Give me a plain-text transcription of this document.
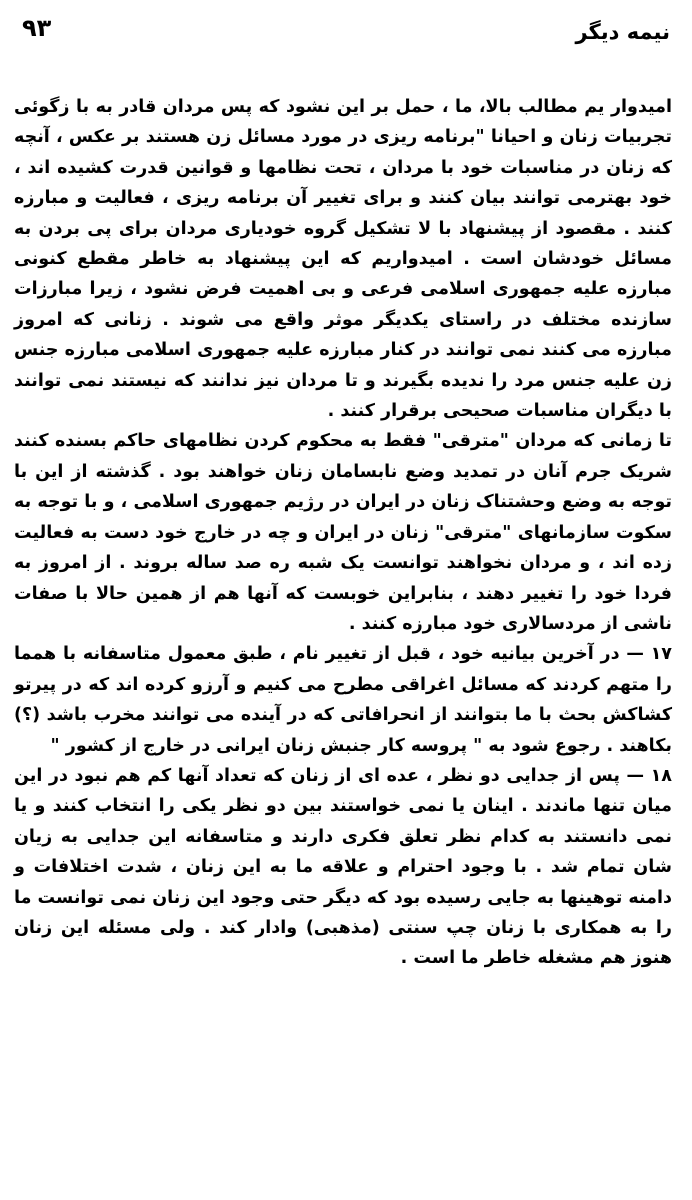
نیمه دیگر
۹۳

امیدوار یم مطالب بالا، ما ، حمل بر این نشود که پس مردان قادر به با زگوئی تجربیات زنان و احیانا "برنامه ریزی در مورد مسائل زن هستند بر عکس ، آنچه که زنان در مناسبات خود با مردان ، تحت نظامها و قوانین قدرت کشیده اند ، خود بهترمی توانند بیان کنند و برای تغییر آن برنامه ریزی ، فعالیت و مبارزه کنند . مقصود از پیشنهاد با لا تشکیل گروه خودیاری مردان برای پی بردن به مسائل خودشان است . امیدواریم که این پیشنهاد به خاطر مقطع کنونی مبارزه علیه جمهوری اسلامی فرعی و بی اهمیت فرض نشود ، زیرا مبارزات سازنده مختلف در راستای یکدیگر موثر واقع می شوند . زنانی که امروز مبارزه می کنند نمی توانند در کنار مبارزه علیه جمهوری اسلامی مبارزه جنس زن علیه جنس مرد را ندیده بگیرند و تا مردان نیز ندانند که نیستند نمی توانند با دیگران مناسبات صحیحی برقرار کنند .

تا زمانی که مردان "مترقی" فقط به محکوم کردن نظامهای حاکم بسنده کنند شریک جرم آنان در تمدید وضع نابسامان زنان خواهند بود . گذشته از این با توجه به وضع وحشتناک زنان در ایران در رژیم جمهوری اسلامی ، و با توجه به سکوت سازمانهای "مترقی" زنان در ایران و چه در خارج خود دست به فعالیت زده اند ، و مردان نخواهند توانست یک شبه ره صد ساله بروند . از امروز به فردا خود را تغییر دهند ، بنابراین خوبست که آنها هم از همین حالا با صفات ناشی از مردسالاری خود مبارزه کنند .

۱۷ — در آخرین بیانیه خود ، قبل از تغییر نام ، طبق معمول متاسفانه با همما را متهم کردند که مسائل اغراقی مطرح می کنیم و آرزو کرده اند که در پیرتو کشاکش بحث با ما بتوانند از انحرافاتی که در آینده می توانند مخرب باشد (؟) بکاهند . رجوع شود به " پروسه کار جنبش زنان ایرانی در خارج از کشور "

۱۸ — پس از جدایی دو نظر ، عده ای از زنان که تعداد آنها کم هم نبود در این میان تنها ماندند . اینان یا نمی خواستند بین دو نظر یکی را انتخاب کنند و یا نمی دانستند به کدام نظر تعلق فکری دارند و متاسفانه این جدایی به زیان شان تمام شد . با وجود احترام و علاقه ما به این زنان ، شدت اختلافات و دامنه توهینها به جایی رسیده بود که دیگر حتی وجود این زنان نمی توانست ما را به همکاری با زنان چپ سنتی (مذهبی) وادار کند . ولی مسئله این زنان هنوز هم مشغله خاطر ما است .
